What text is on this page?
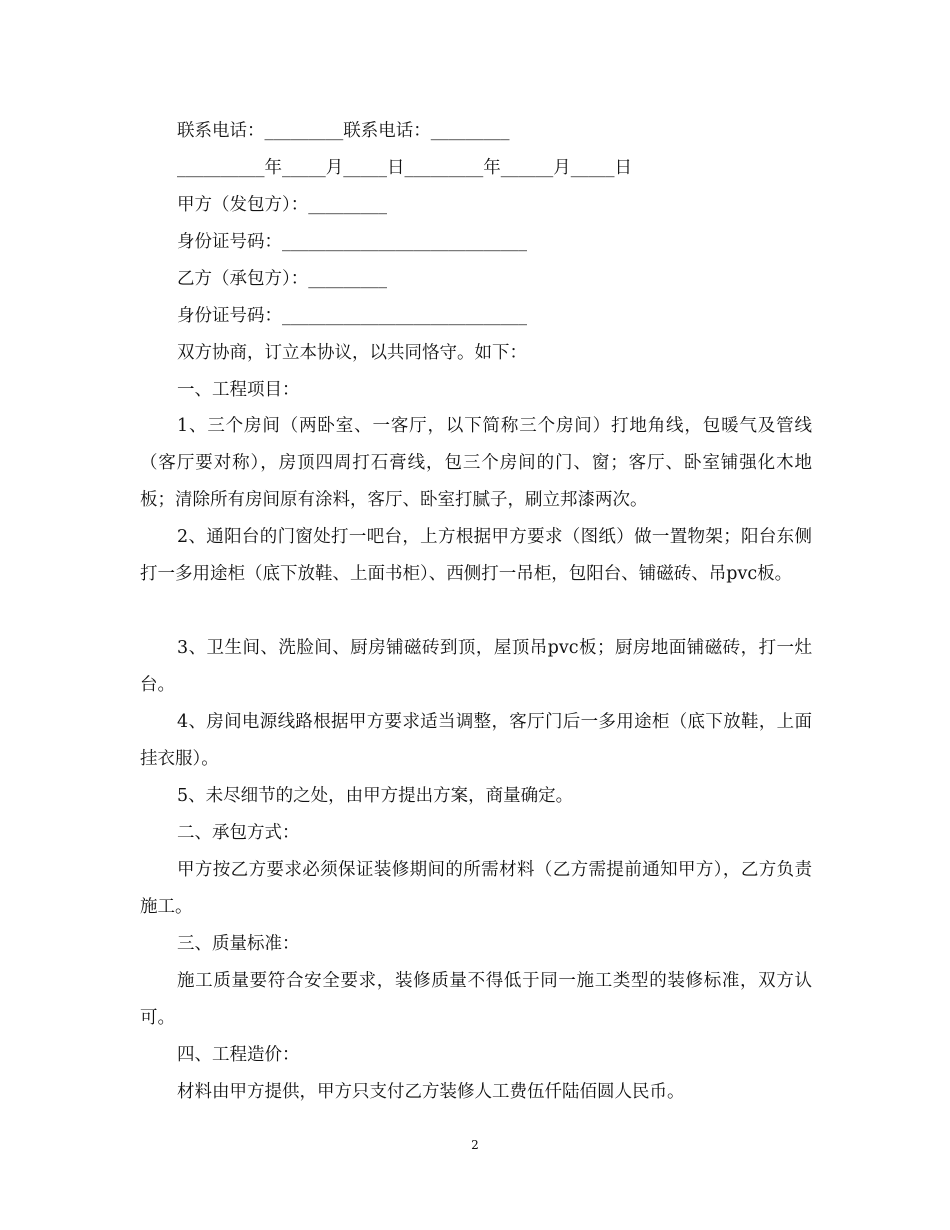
联系电话：_________联系电话：_________
__________年_____月_____日_________年______月_____日
甲方（发包方）：_________
身份证号码：____________________________
乙方（承包方）：_________
身份证号码：____________________________
双方协商，订立本协议，以共同恪守。如下：
一、工程项目：
1、三个房间（两卧室、一客厅，以下简称三个房间）打地角线，包暖气及管线（客厅要对称），房顶四周打石膏线，包三个房间的门、窗；客厅、卧室铺强化木地板；清除所有房间原有涂料，客厅、卧室打腻子，刷立邦漆两次。
2、通阳台的门窗处打一吧台，上方根据甲方要求（图纸）做一置物架；阳台东侧打一多用途柜（底下放鞋、上面书柜）、西侧打一吊柜，包阳台、铺磁砖、吊pvc板。
3、卫生间、洗脸间、厨房铺磁砖到顶，屋顶吊pvc板；厨房地面铺磁砖，打一灶台。
4、房间电源线路根据甲方要求适当调整，客厅门后一多用途柜（底下放鞋，上面挂衣服）。
5、未尽细节的之处，由甲方提出方案，商量确定。
二、承包方式：
甲方按乙方要求必须保证装修期间的所需材料（乙方需提前通知甲方），乙方负责施工。
三、质量标准：
施工质量要符合安全要求，装修质量不得低于同一施工类型的装修标准，双方认可。
四、工程造价：
材料由甲方提供，甲方只支付乙方装修人工费伍仟陆佰圆人民币。
2
